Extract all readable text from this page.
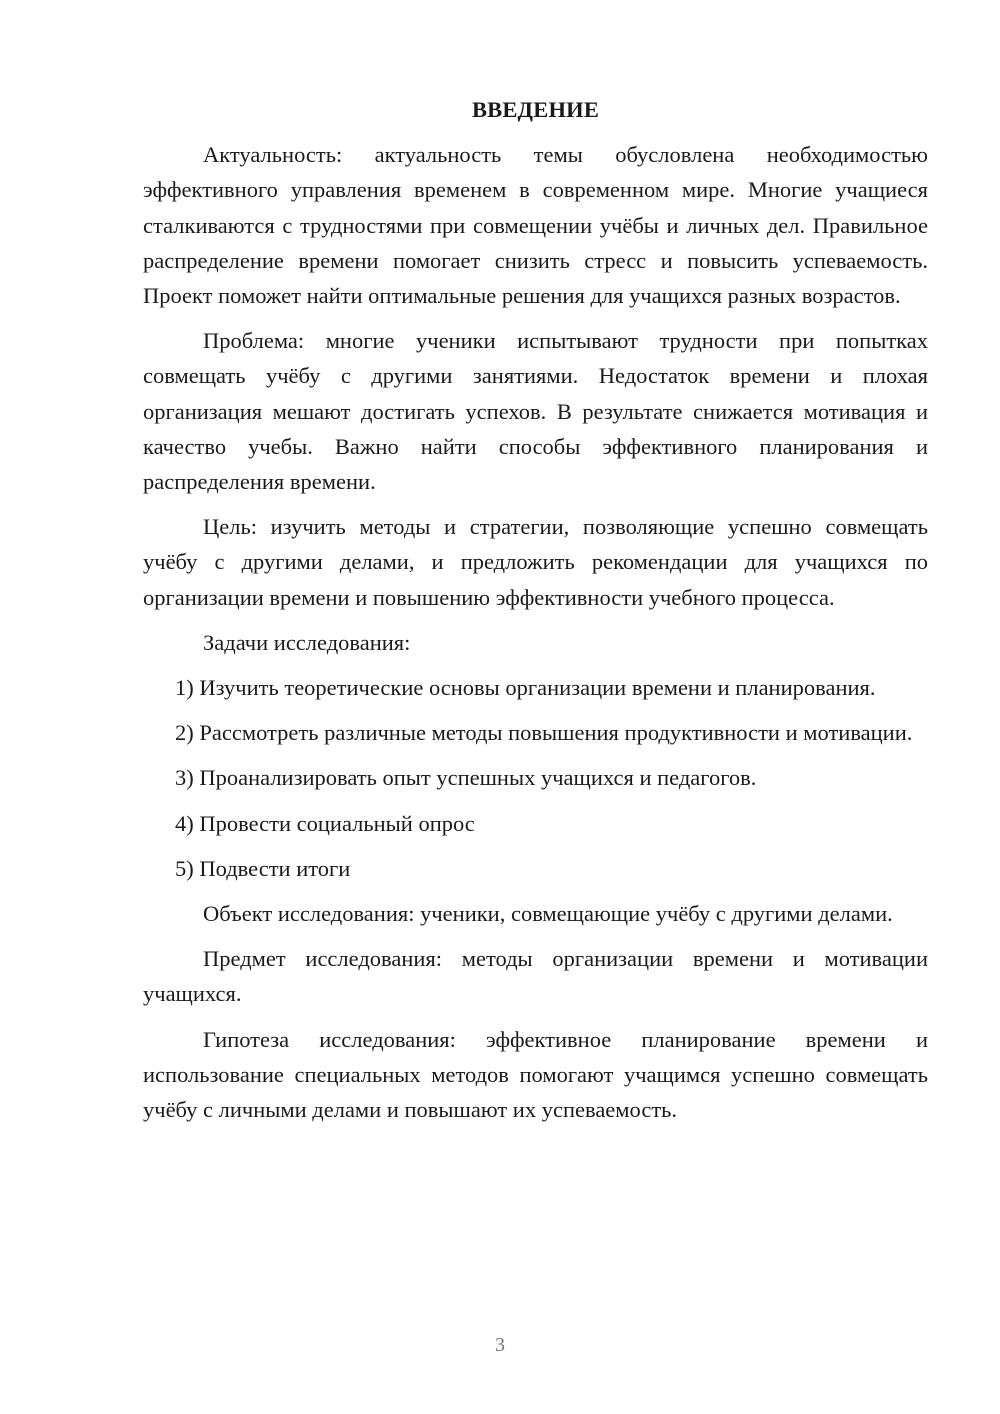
ВВЕДЕНИЕ

Актуальность: актуальность темы обусловлена необходимостью эффективного управления временем в современном мире. Многие учащиеся сталкиваются с трудностями при совмещении учёбы и личных дел. Правильное распределение времени помогает снизить стресс и повысить успеваемость. Проект поможет найти оптимальные решения для учащихся разных возрастов.

Проблема: многие ученики испытывают трудности при попытках совмещать учёбу с другими занятиями. Недостаток времени и плохая организация мешают достигать успехов. В результате снижается мотивация и качество учебы. Важно найти способы эффективного планирования и распределения времени.

Цель: изучить методы и стратегии, позволяющие успешно совмещать учёбу с другими делами, и предложить рекомендации для учащихся по организации времени и повышению эффективности учебного процесса.

Задачи исследования:

1) Изучить теоретические основы организации времени и планирования.

2) Рассмотреть различные методы повышения продуктивности и мотивации.

3) Проанализировать опыт успешных учащихся и педагогов.

4) Провести социальный опрос

5) Подвести итоги

Объект исследования: ученики, совмещающие учёбу с другими делами.

Предмет исследования: методы организации времени и мотивации учащихся.

Гипотеза исследования: эффективное планирование времени и использование специальных методов помогают учащимся успешно совмещать учёбу с личными делами и повышают их успеваемость.

3
